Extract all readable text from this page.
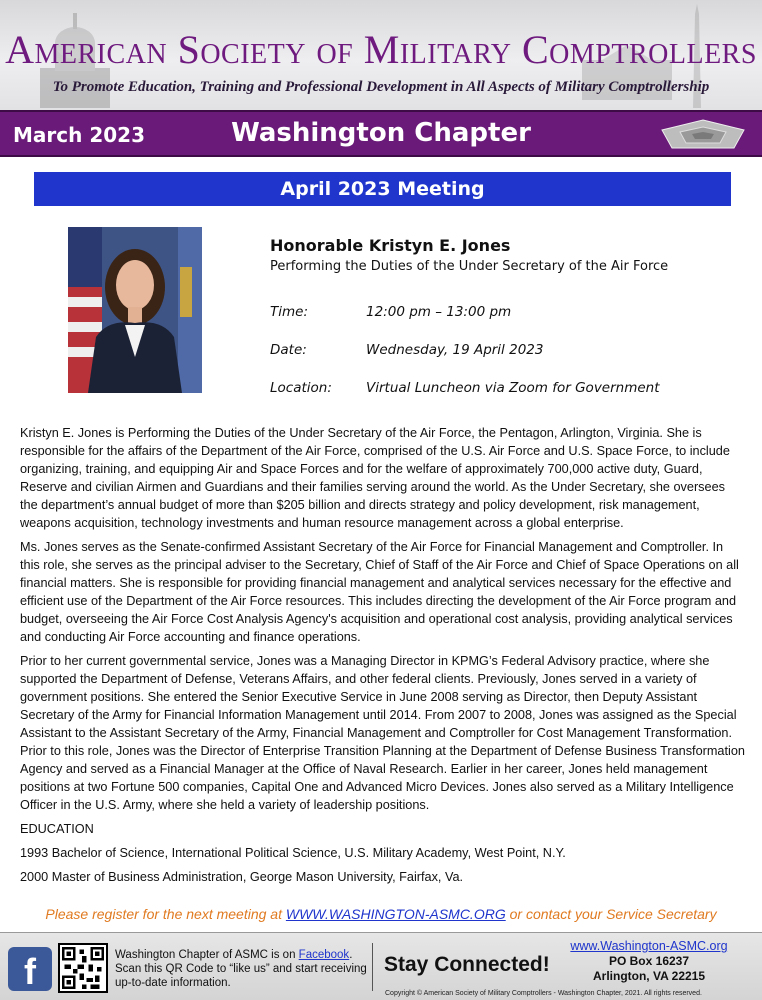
American Society of Military Comptrollers
To Promote Education, Training and Professional Development in All Aspects of Military Comptrollership
March 2023	Washington Chapter
April 2023 Meeting
Honorable Kristyn E. Jones
Performing the Duties of the Under Secretary of the Air Force
Time:	12:00 pm – 13:00 pm
Date:	Wednesday, 19 April 2023
Location:	Virtual Luncheon via Zoom for Government

Kristyn E. Jones is Performing the Duties of the Under Secretary of the Air Force, the Pentagon, Arlington, Virginia. She is responsible for the affairs of the Department of the Air Force, comprised of the U.S. Air Force and U.S. Space Force, to include organizing, training, and equipping Air and Space Forces and for the welfare of approximately 700,000 active duty, Guard, Reserve and civilian Airmen and Guardians and their families serving around the world. As the Under Secretary, she oversees the department’s annual budget of more than $205 billion and directs strategy and policy development, risk management, weapons acquisition, technology investments and human resource management across a global enterprise.

Ms. Jones serves as the Senate-confirmed Assistant Secretary of the Air Force for Financial Management and Comptroller. In this role, she serves as the principal adviser to the Secretary, Chief of Staff of the Air Force and Chief of Space Operations on all financial matters. She is responsible for providing financial management and analytical services necessary for the effective and efficient use of the Department of the Air Force resources. This includes directing the development of the Air Force program and budget, overseeing the Air Force Cost Analysis Agency's acquisition and operational cost analysis, providing analytical services and conducting Air Force accounting and finance operations.

Prior to her current governmental service, Jones was a Managing Director in KPMG’s Federal Advisory practice, where she supported the Department of Defense, Veterans Affairs, and other federal clients. Previously, Jones served in a variety of government positions. She entered the Senior Executive Service in June 2008 serving as Director, then Deputy Assistant Secretary of the Army for Financial Information Management until 2014. From 2007 to 2008, Jones was assigned as the Special Assistant to the Assistant Secretary of the Army, Financial Management and Comptroller for Cost Management Transformation. Prior to this role, Jones was the Director of Enterprise Transition Planning at the Department of Defense Business Transformation Agency and served as a Financial Manager at the Office of Naval Research. Earlier in her career, Jones held management positions at two Fortune 500 companies, Capital One and Advanced Micro Devices. Jones also served as a Military Intelligence Officer in the U.S. Army, where she held a variety of leadership positions.

EDUCATION

1993 Bachelor of Science, International Political Science, U.S. Military Academy, West Point, N.Y.

2000 Master of Business Administration, George Mason University, Fairfax, Va.

Please register for the next meeting at WWW.WASHINGTON-ASMC.ORG or contact your Service Secretary
f	Washington Chapter of ASMC is on Facebook. Scan this QR Code to “like us” and start receiving up-to-date information.
Stay Connected!
www.Washington-ASMC.org
PO Box 16237
Arlington, VA 22215
Copyright © American Society of Military Comptrollers - Washington Chapter, 2021. All rights reserved.
